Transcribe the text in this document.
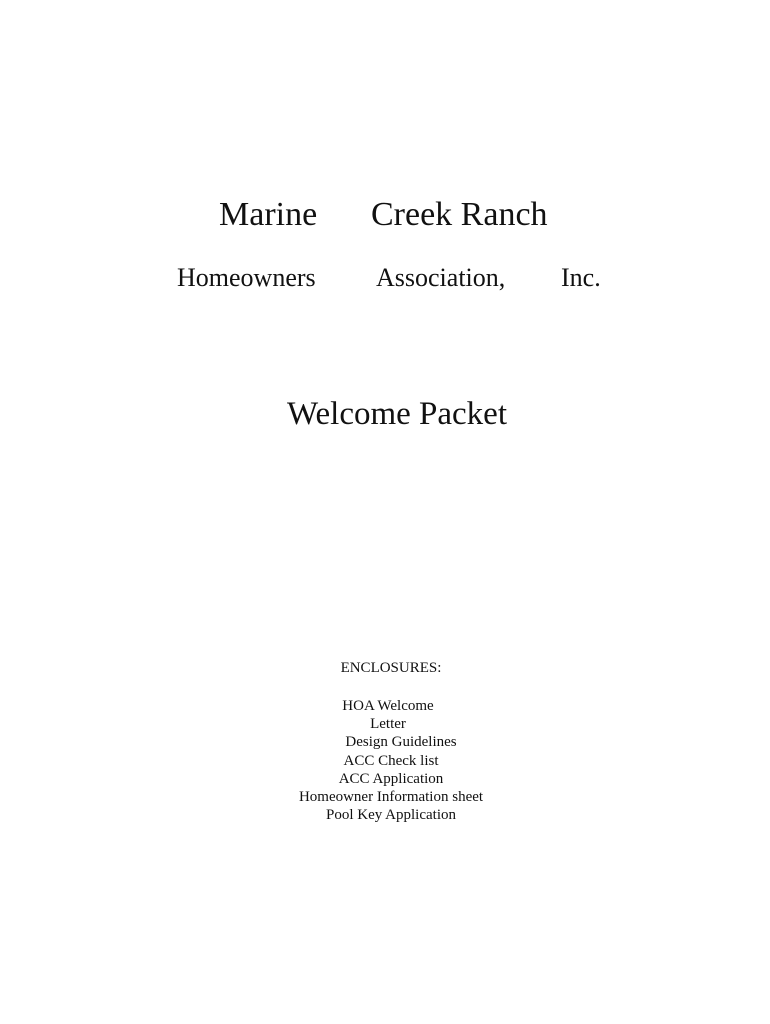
Marine Creek Ranch
Homeowners Association, Inc.
Welcome Packet
ENCLOSURES:
HOA Welcome
Letter
Design Guidelines
ACC Check list
ACC Application
Homeowner Information sheet
Pool Key Application
